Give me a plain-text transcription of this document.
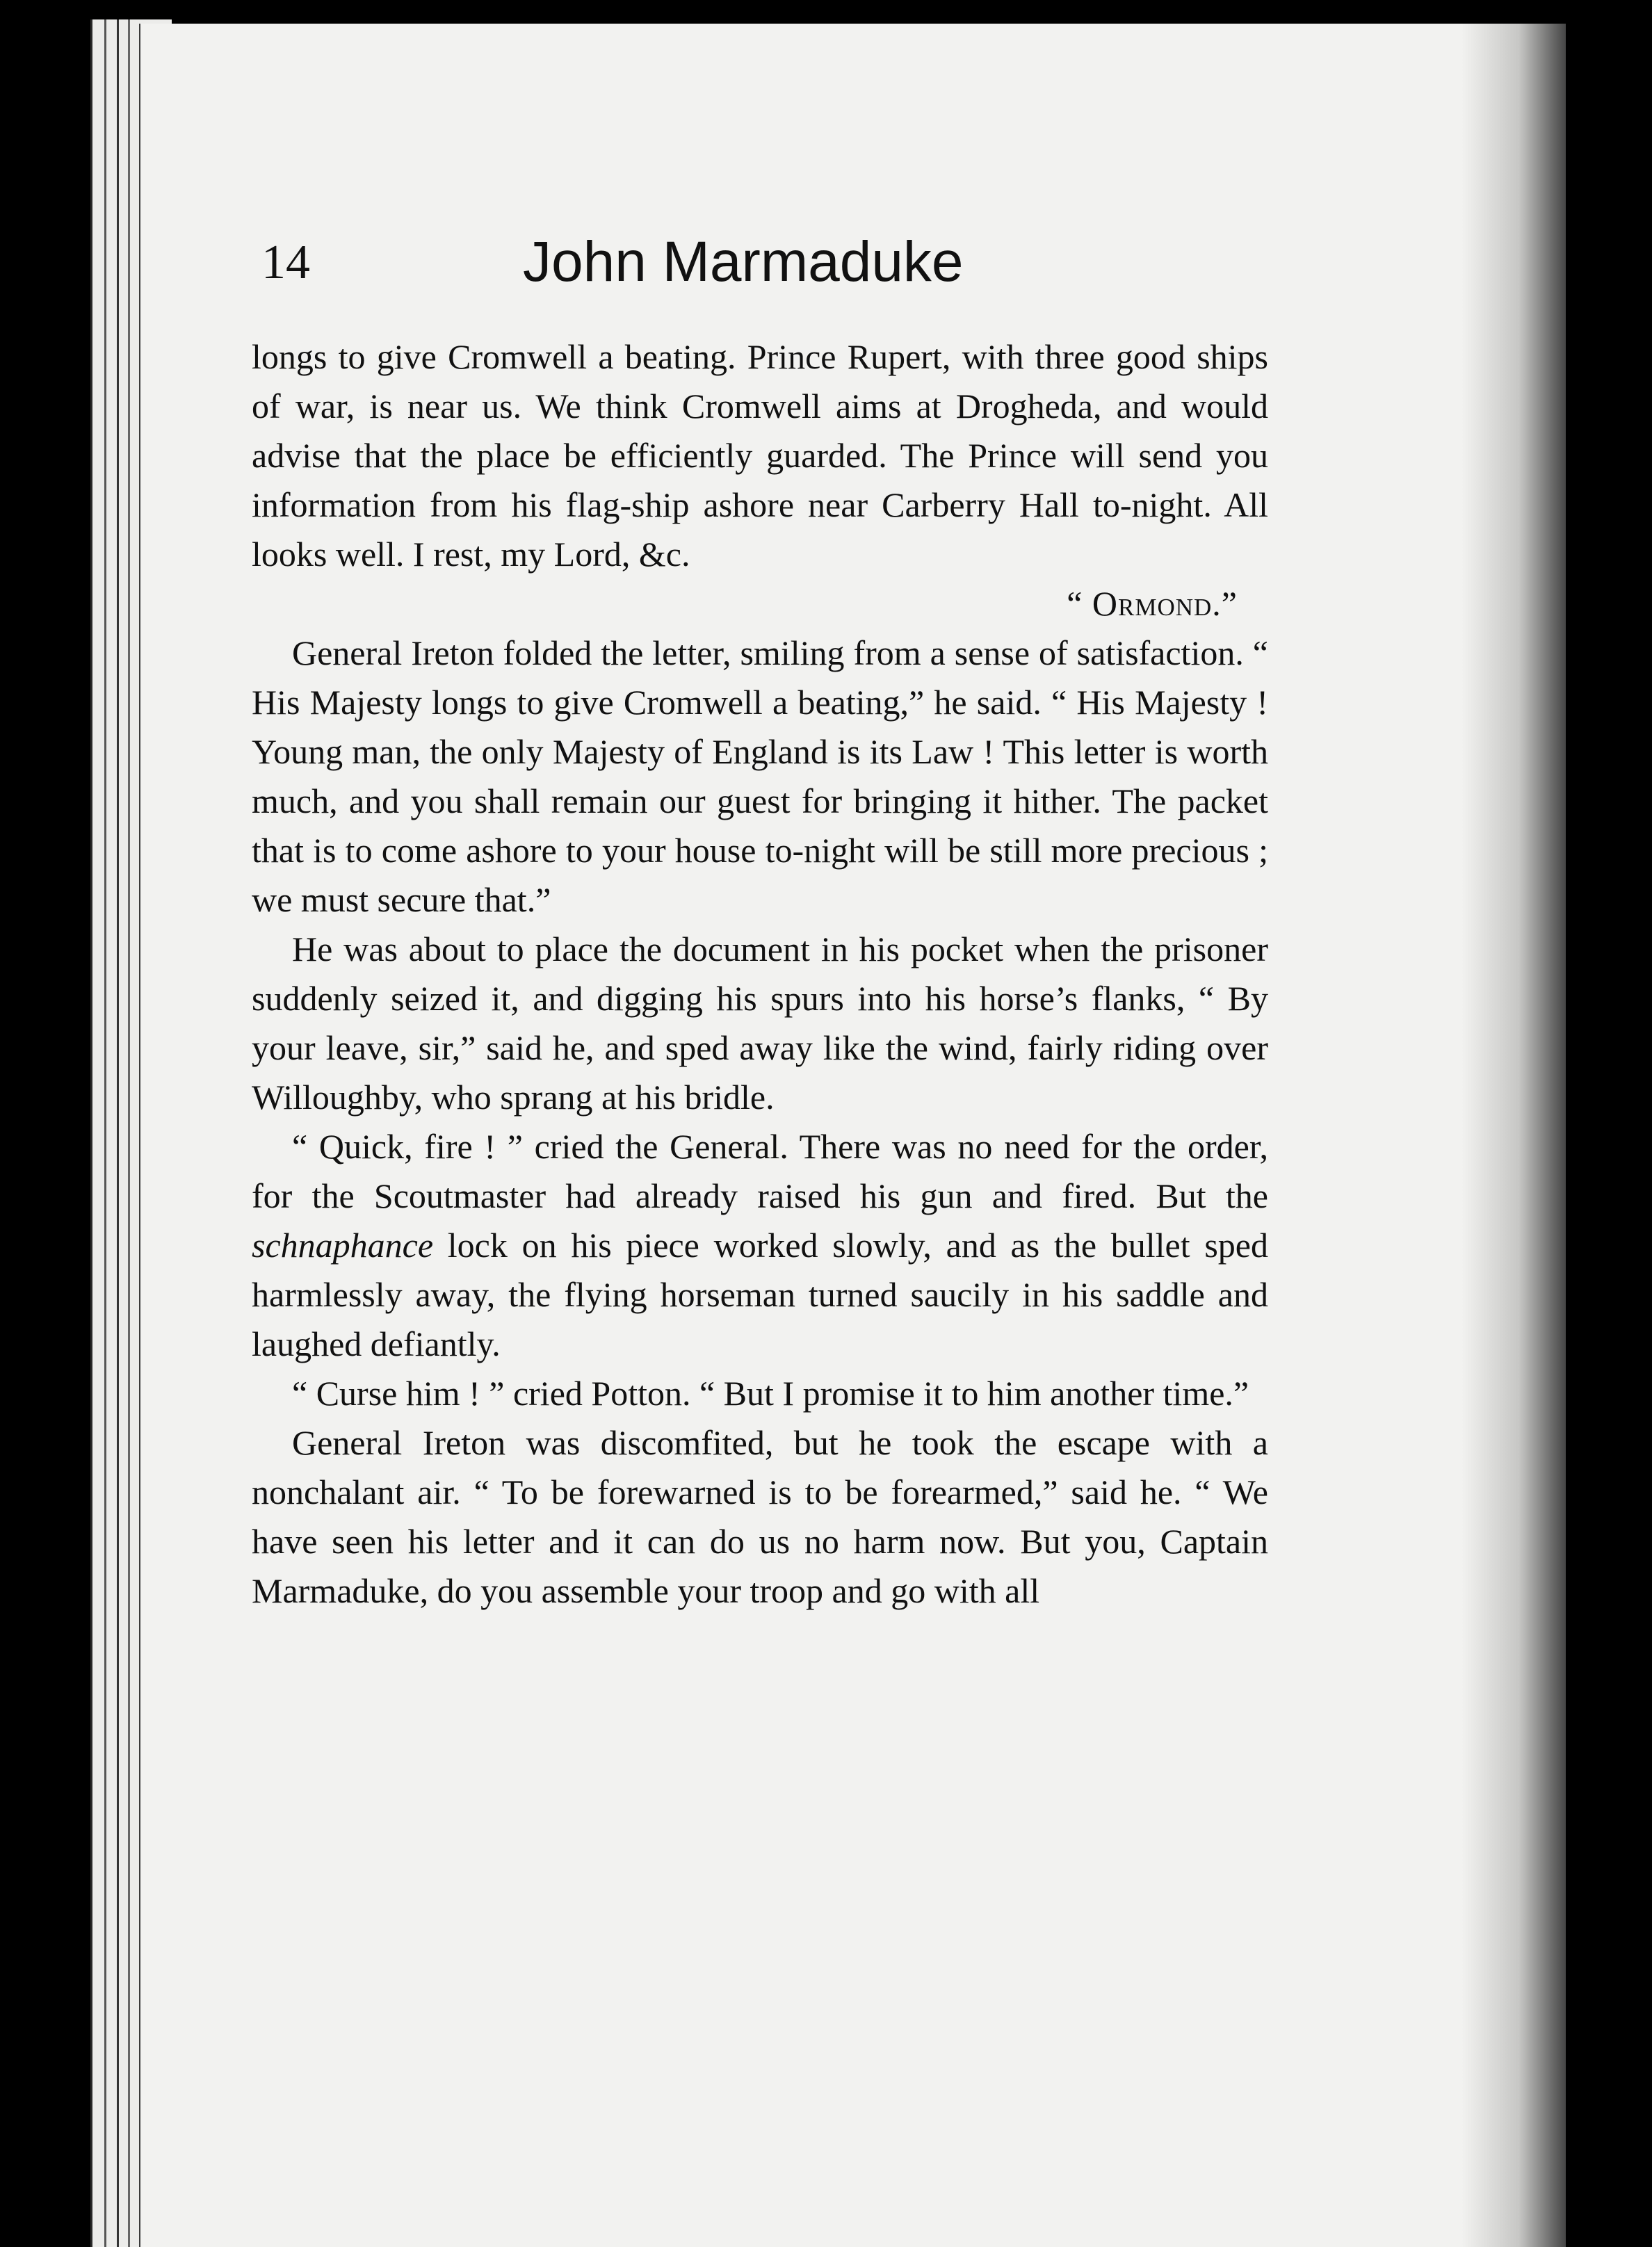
14	John Marmaduke

longs to give Cromwell a beating. Prince Rupert, with three good ships of war, is near us. We think Cromwell aims at Drogheda, and would advise that the place be efficiently guarded. The Prince will send you information from his flag-ship ashore near Carberry Hall to-night. All looks well. I rest, my Lord, &c.

“ Ormond.”

General Ireton folded the letter, smiling from a sense of satisfaction. “ His Majesty longs to give Cromwell a beating,” he said. “ His Majesty ! Young man, the only Majesty of England is its Law ! This letter is worth much, and you shall remain our guest for bringing it hither. The packet that is to come ashore to your house to-night will be still more precious ; we must secure that.”

He was about to place the document in his pocket when the prisoner suddenly seized it, and digging his spurs into his horse’s flanks, “ By your leave, sir,” said he, and sped away like the wind, fairly riding over Willoughby, who sprang at his bridle.

“ Quick, fire ! ” cried the General. There was no need for the order, for the Scoutmaster had already raised his gun and fired. But the schnaphance lock on his piece worked slowly, and as the bullet sped harmlessly away, the flying horseman turned saucily in his saddle and laughed defiantly.

“ Curse him ! ” cried Potton. “ But I promise it to him another time.”

General Ireton was discomfited, but he took the escape with a nonchalant air. “ To be forewarned is to be forearmed,” said he. “ We have seen his letter and it can do us no harm now. But you, Captain Marmaduke, do you assemble your troop and go with all
